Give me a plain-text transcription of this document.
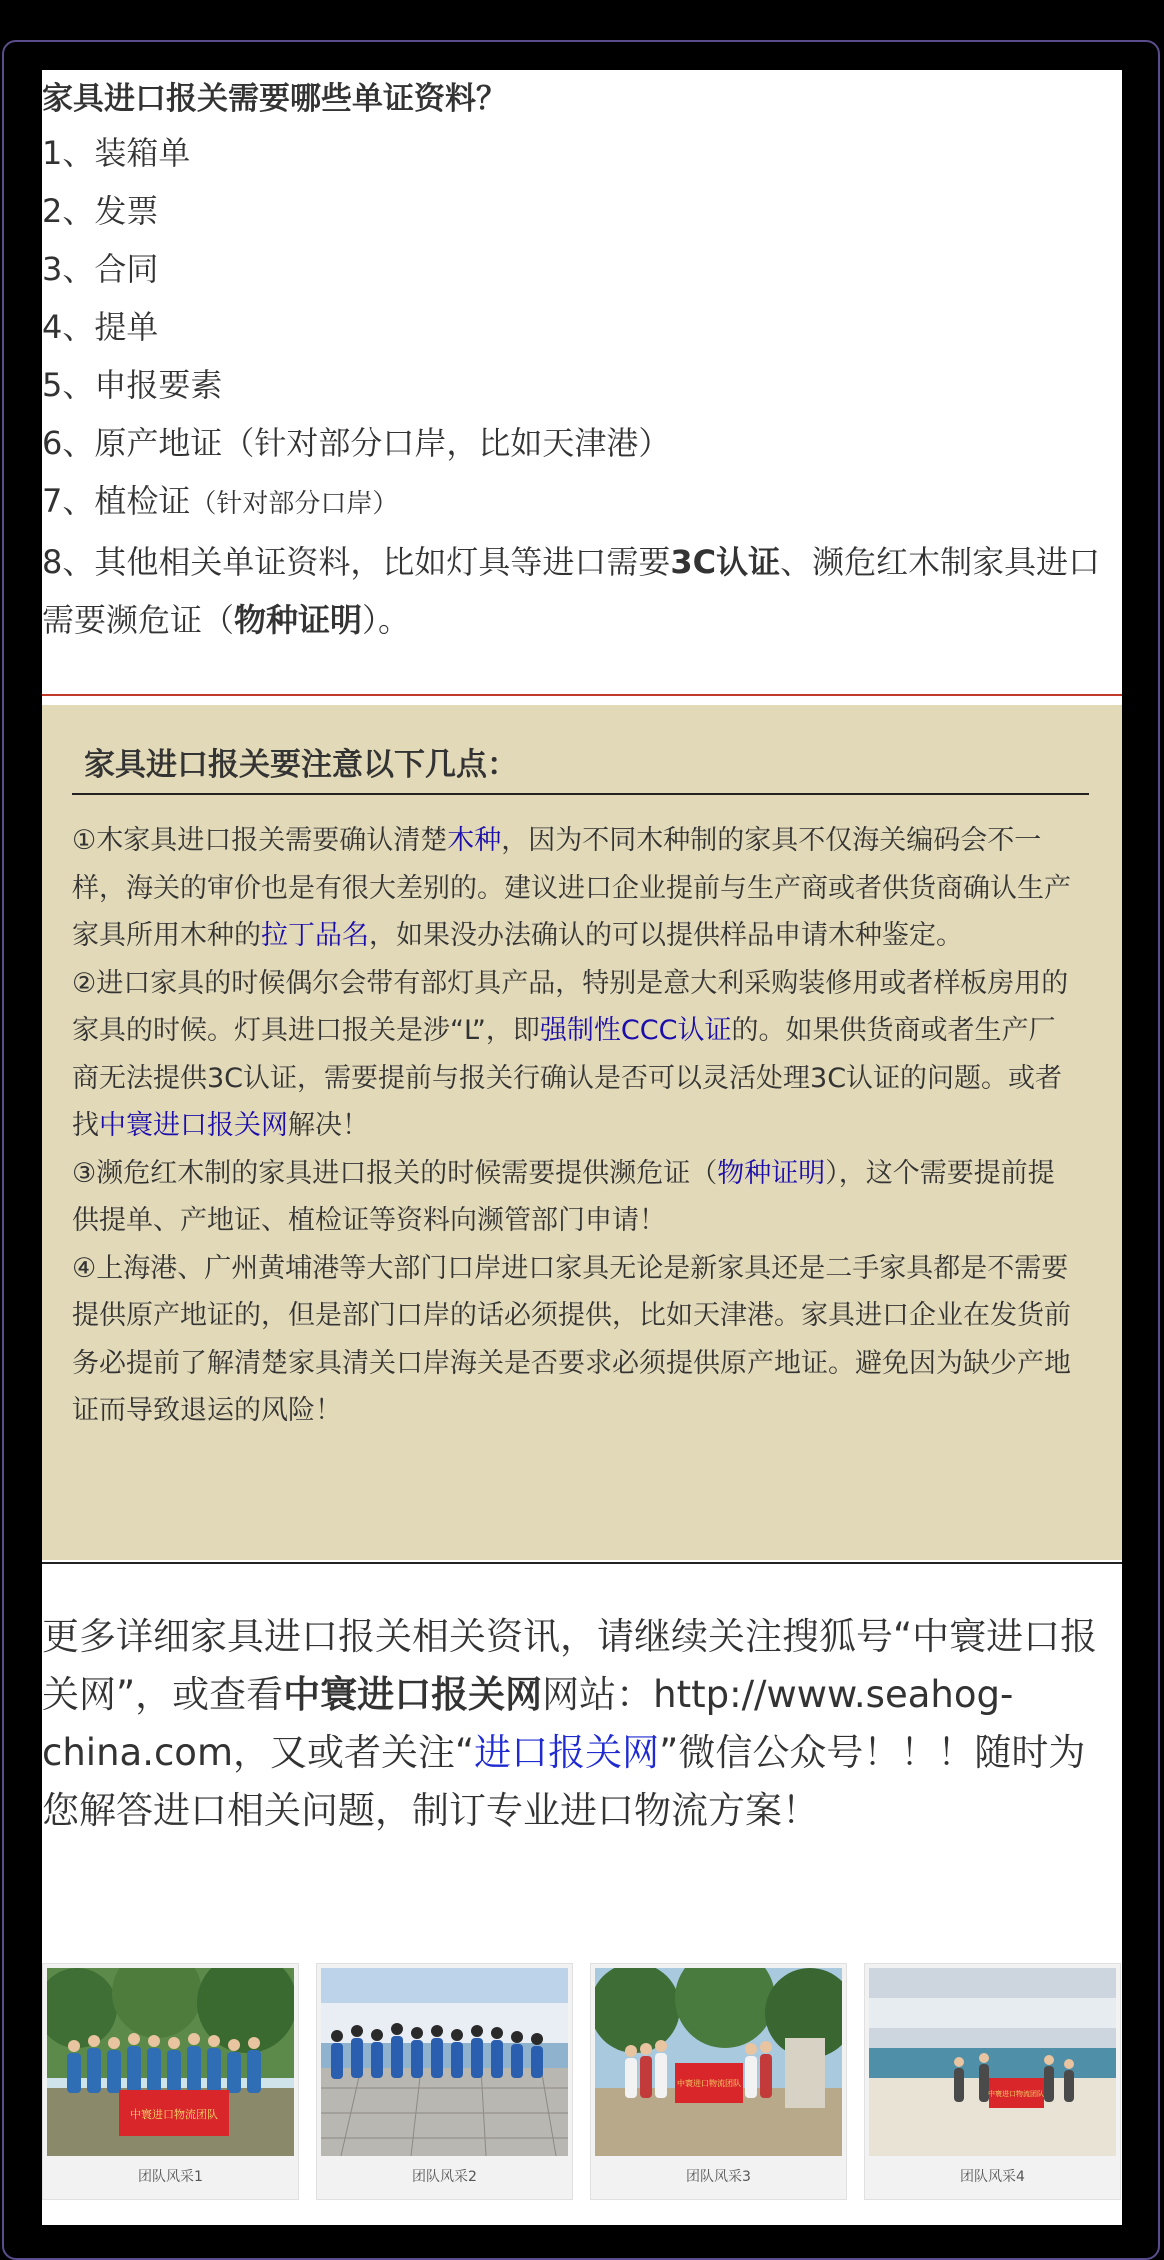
家具进口报关需要哪些单证资料？
1、装箱单
2、发票
3、合同
4、提单
5、申报要素
6、原产地证（针对部分口岸，比如天津港）
7、植检证（针对部分口岸）
8、其他相关单证资料，比如灯具等进口需要3C认证、濒危红木制家具进口需要濒危证（物种证明）。
家具进口报关要注意以下几点：

①木家具进口报关需要确认清楚木种，因为不同木种制的家具不仅海关编码会不一样，海关的审价也是有很大差别的。建议进口企业提前与生产商或者供货商确认生产家具所用木种的拉丁品名，如果没办法确认的可以提供样品申请木种鉴定。

②进口家具的时候偶尔会带有部灯具产品，特别是意大利采购装修用或者样板房用的家具的时候。灯具进口报关是涉“L”，即强制性CCC认证的。如果供货商或者生产厂商无法提供3C认证，需要提前与报关行确认是否可以灵活处理3C认证的问题。或者找中寰进口报关网解决！

③濒危红木制的家具进口报关的时候需要提供濒危证（物种证明），这个需要提前提供提单、产地证、植检证等资料向濒管部门申请！

④上海港、广州黄埔港等大部门口岸进口家具无论是新家具还是二手家具都是不需要提供原产地证的，但是部门口岸的话必须提供，比如天津港。家具进口企业在发货前务必提前了解清楚家具清关口岸海关是否要求必须提供原产地证。避免因为缺少产地证而导致退运的风险！

更多详细家具进口报关相关资讯，请继续关注搜狐号“中寰进口报关网”，或查看中寰进口报关网网站：http://www.seahog-china.com，又或者关注“进口报关网”微信公众号！！！随时为您解答进口相关问题，制订专业进口物流方案！
中寰进口物流团队
团队风采1	团队风采2
中寰进口物流团队
团队风采3
中寰进口物流团队
团队风采4
